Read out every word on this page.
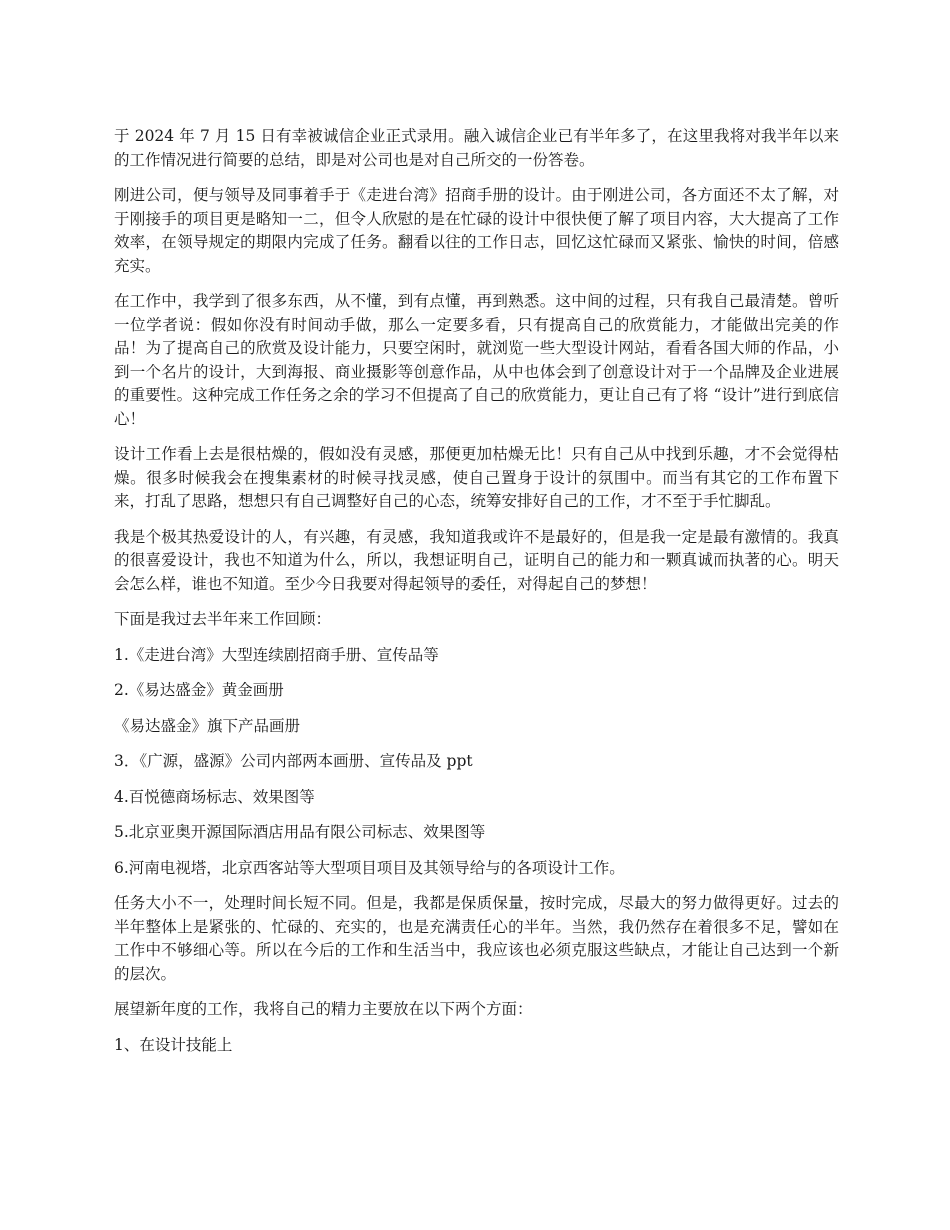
于 2024 年 7 月 15 日有幸被诚信企业正式录用。融入诚信企业已有半年多了，在这里我将对我半年以来的工作情况进行简要的总结，即是对公司也是对自己所交的一份答卷。

刚进公司，便与领导及同事着手于《走进台湾》招商手册的设计。由于刚进公司，各方面还不太了解，对于刚接手的项目更是略知一二，但令人欣慰的是在忙碌的设计中很快便了解了项目内容，大大提高了工作效率，在领导规定的期限内完成了任务。翻看以往的工作日志，回忆这忙碌而又紧张、愉快的时间，倍感充实。

在工作中，我学到了很多东西，从不懂，到有点懂，再到熟悉。这中间的过程，只有我自己最清楚。曾听一位学者说：假如你没有时间动手做，那么一定要多看，只有提高自己的欣赏能力，才能做出完美的作品！为了提高自己的欣赏及设计能力，只要空闲时，就浏览一些大型设计网站，看看各国大师的作品，小到一个名片的设计，大到海报、商业摄影等创意作品，从中也体会到了创意设计对于一个品牌及企业进展的重要性。这种完成工作任务之余的学习不但提高了自己的欣赏能力，更让自己有了将 “设计”进行到底信心！

设计工作看上去是很枯燥的，假如没有灵感，那便更加枯燥无比！只有自己从中找到乐趣，才不会觉得枯燥。很多时候我会在搜集素材的时候寻找灵感，使自己置身于设计的氛围中。而当有其它的工作布置下来，打乱了思路，想想只有自己调整好自己的心态，统筹安排好自己的工作，才不至于手忙脚乱。

我是个极其热爱设计的人，有兴趣，有灵感，我知道我或许不是最好的，但是我一定是最有激情的。我真的很喜爱设计，我也不知道为什么，所以，我想证明自己，证明自己的能力和一颗真诚而执著的心。明天会怎么样，谁也不知道。至少今日我要对得起领导的委任，对得起自己的梦想！

下面是我过去半年来工作回顾：

1.《走进台湾》大型连续剧招商手册、宣传品等

2.《易达盛金》黄金画册

《易达盛金》旗下产品画册

3．《广源，盛源》公司内部两本画册、宣传品及 ppt

4.百悦德商场标志、效果图等

5.北京亚奥开源国际酒店用品有限公司标志、效果图等

6.河南电视塔，北京西客站等大型项目项目及其领导给与的各项设计工作。

任务大小不一，处理时间长短不同。但是，我都是保质保量，按时完成，尽最大的努力做得更好。过去的半年整体上是紧张的、忙碌的、充实的，也是充满责任心的半年。当然，我仍然存在着很多不足，譬如在工作中不够细心等。所以在今后的工作和生活当中，我应该也必须克服这些缺点，才能让自己达到一个新的层次。

展望新年度的工作，我将自己的精力主要放在以下两个方面：

1、在设计技能上
